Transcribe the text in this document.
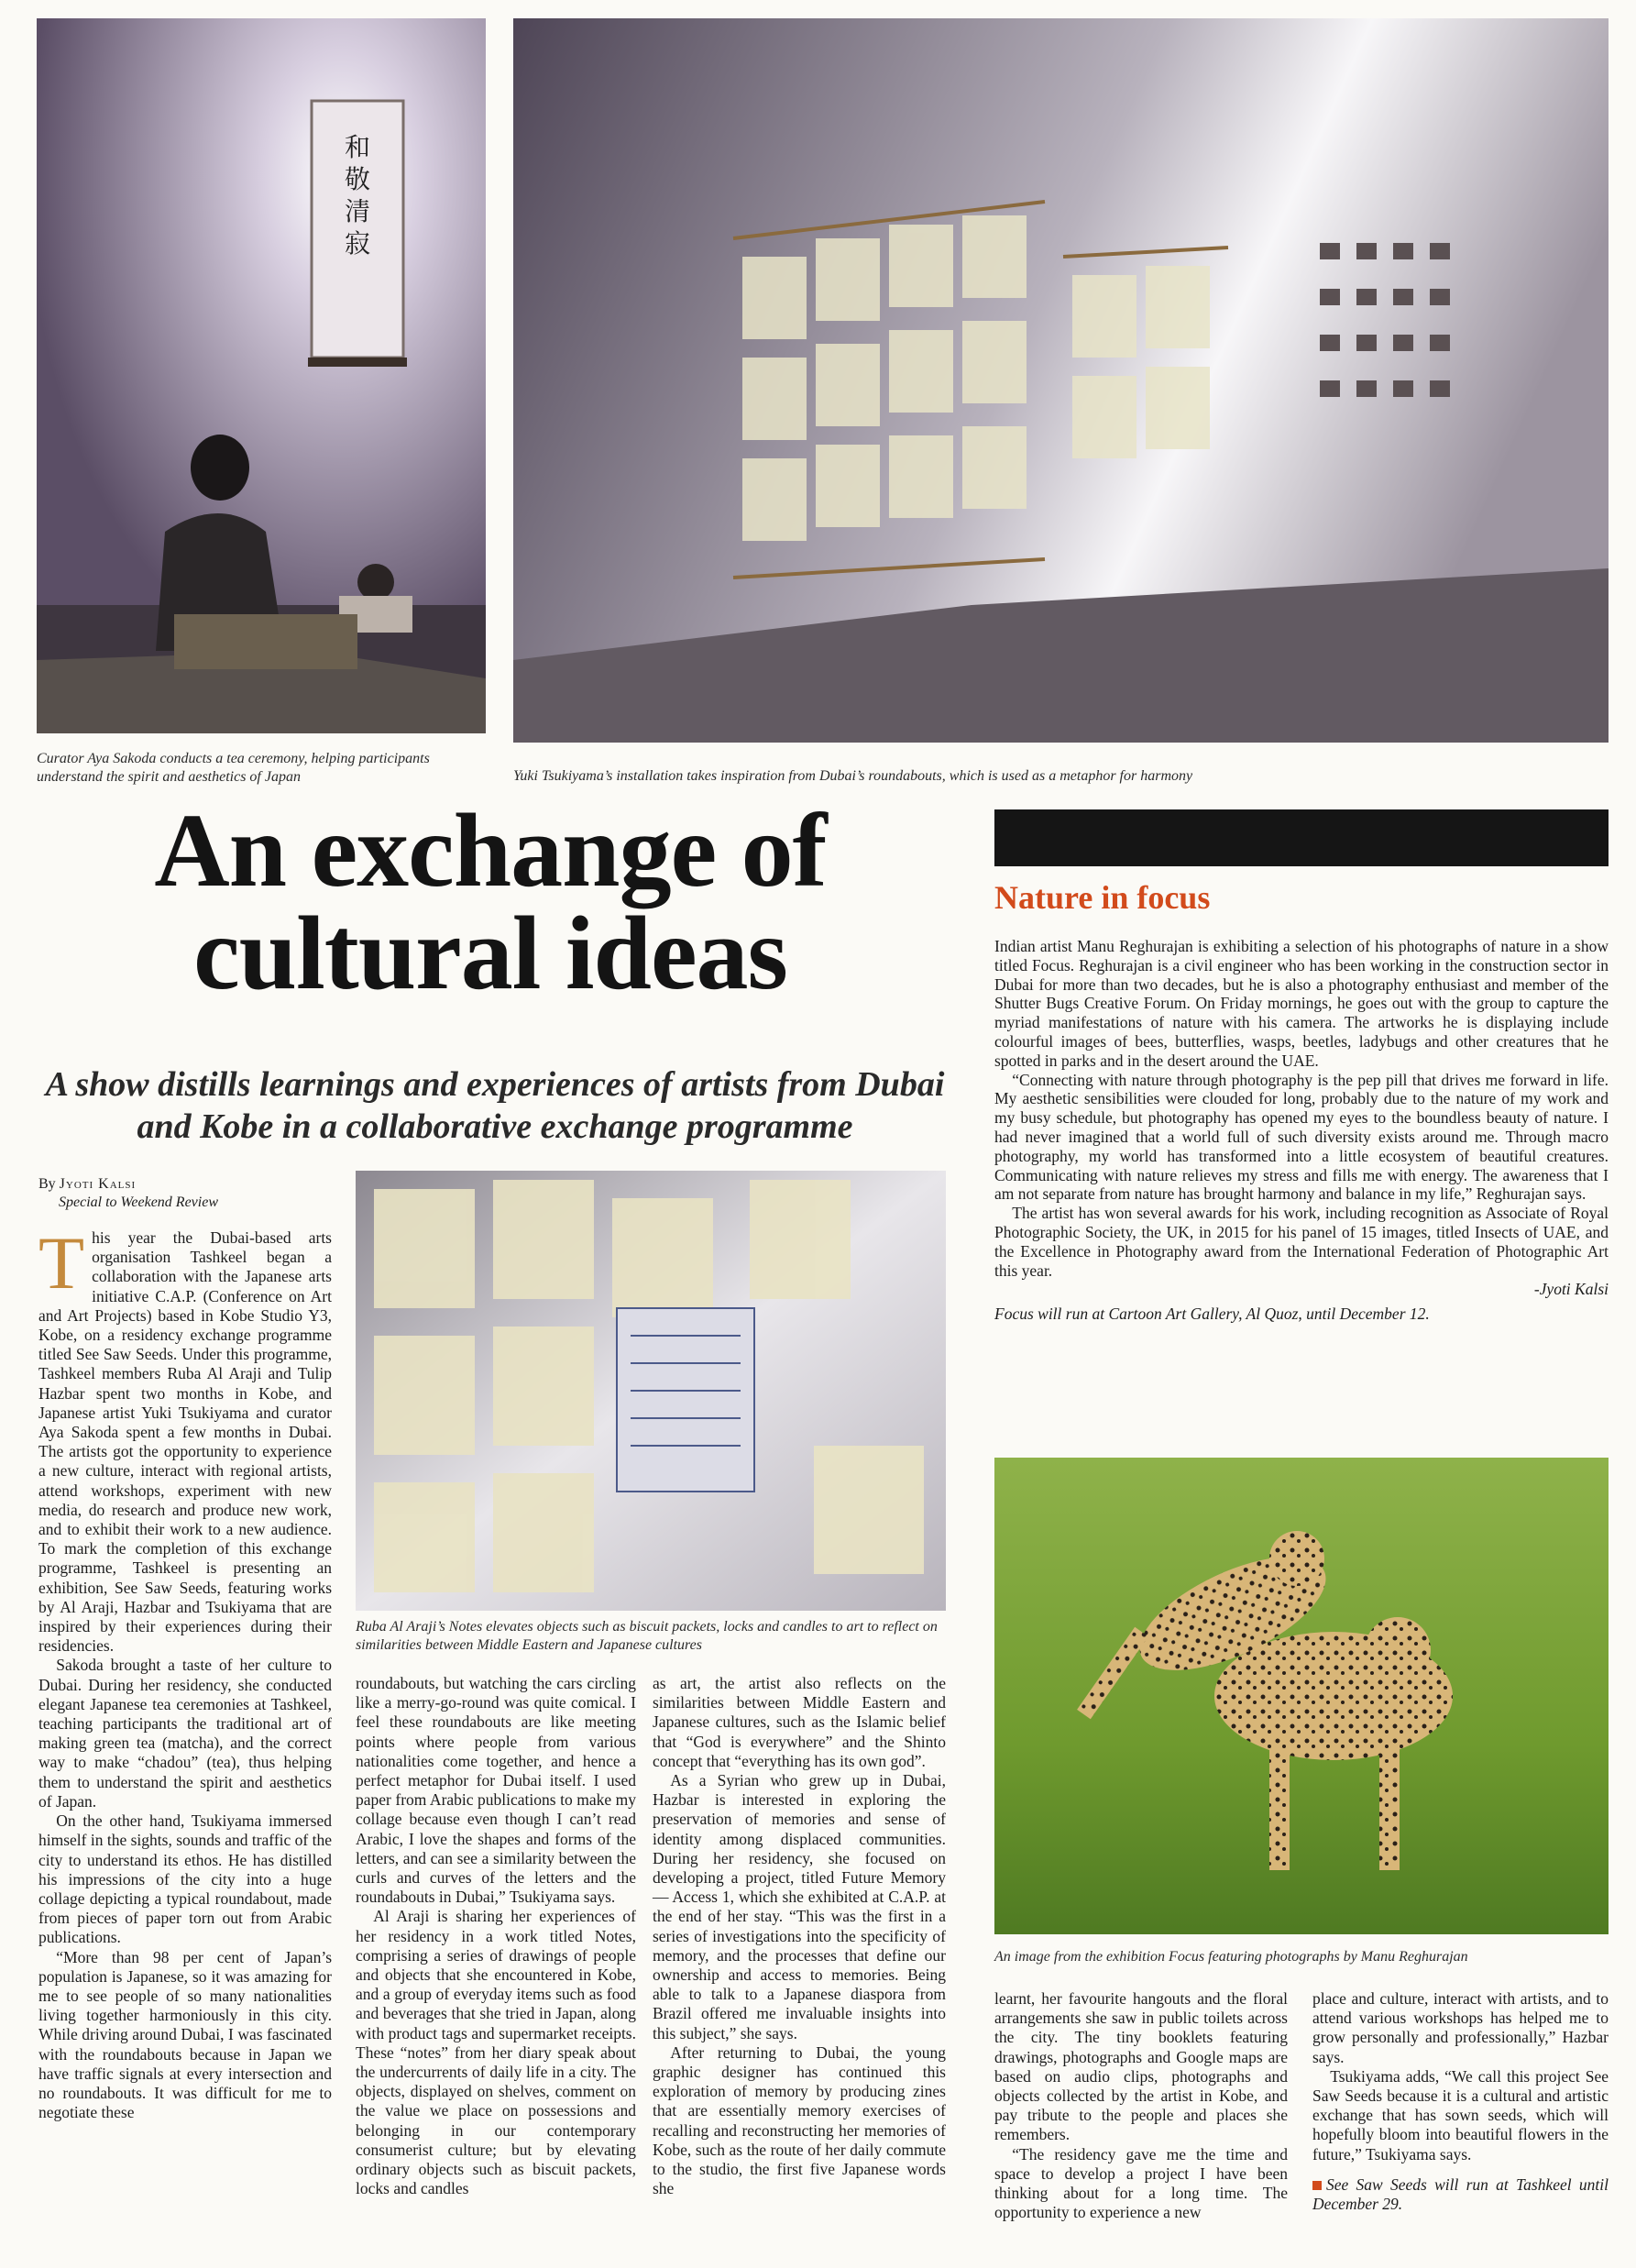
和
敬
清
寂
Curator Aya Sakoda conducts a tea ceremony, helping participants understand the spirit and aesthetics of Japan	Yuki Tsukiyama’s installation takes inspiration from Dubai’s roundabouts, which is used as a metaphor for harmony
An exchange of
cultural ideas
A show distills learnings and experiences of artists from Dubai and Kobe in a collaborative exchange programme
By Jyoti Kalsi
Special to Weekend Review

This year the Dubai-based arts organisation Tashkeel began a collaboration with the Japanese arts initiative C.A.P. (Conference on Art and Art Projects) based in Kobe Studio Y3, Kobe, on a residency exchange programme titled See Saw Seeds. Under this programme, Tashkeel members Ruba Al Araji and Tulip Hazbar spent two months in Kobe, and Japanese artist Yuki Tsukiyama and curator Aya Sakoda spent a few months in Dubai. The artists got the opportunity to experience a new culture, interact with regional artists, attend workshops, experiment with new media, do research and produce new work, and to exhibit their work to a new audience. To mark the completion of this exchange programme, Tashkeel is presenting an exhibition, See Saw Seeds, featuring works by Al Araji, Hazbar and Tsukiyama that are inspired by their experiences during their residencies.

Sakoda brought a taste of her culture to Dubai. During her residency, she conducted elegant Japanese tea ceremonies at Tashkeel, teaching participants the traditional art of making green tea (matcha), and the correct way to make “chadou” (tea), thus helping them to understand the spirit and aesthetics of Japan.

On the other hand, Tsukiyama immersed himself in the sights, sounds and traffic of the city to understand its ethos. He has distilled his impressions of the city into a huge collage depicting a typical roundabout, made from pieces of paper torn out from Arabic publications.

“More than 98 per cent of Japan’s population is Japanese, so it was amazing for me to see people of so many nationalities living together harmoniously in this city. While driving around Dubai, I was fascinated with the roundabouts because in Japan we have traffic signals at every intersection and no roundabouts. It was difficult for me to negotiate these

Ruba Al Araji’s Notes elevates objects such as biscuit packets, locks and candles to art to reflect on similarities between Middle Eastern and Japanese cultures

roundabouts, but watching the cars circling like a merry-go-round was quite comical. I feel these roundabouts are like meeting points where people from various nationalities come together, and hence a perfect metaphor for Dubai itself. I used paper from Arabic publications to make my collage because even though I can’t read Arabic, I love the shapes and forms of the letters, and can see a similarity between the curls and curves of the letters and the roundabouts in Dubai,” Tsukiyama says.

Al Araji is sharing her experiences of her residency in a work titled Notes, comprising a series of drawings of people and objects that she encountered in Kobe, and a group of everyday items such as food and beverages that she tried in Japan, along with product tags and supermarket receipts. These “notes” from her diary speak about the undercurrents of daily life in a city. The objects, displayed on shelves, comment on the value we place on possessions and belonging in our contemporary consumerist culture; but by elevating ordinary objects such as biscuit packets, locks and candles

as art, the artist also reflects on the similarities between Middle Eastern and Japanese cultures, such as the Islamic belief that “God is everywhere” and the Shinto concept that “everything has its own god”.

As a Syrian who grew up in Dubai, Hazbar is interested in exploring the preservation of memories and sense of identity among displaced communities. During her residency, she focused on developing a project, titled Future Memory — Access 1, which she exhibited at C.A.P. at the end of her stay. “This was the first in a series of investigations into the specificity of memory, and the processes that define our ownership and access to memories. Being able to talk to a Japanese diaspora from Brazil offered me invaluable insights into this subject,” she says.

After returning to Dubai, the young graphic designer has continued this exploration of memory by producing zines that are essentially memory exercises of recalling and reconstructing her memories of Kobe, such as the route of her daily commute to the studio, the first five Japanese words she

Nature in focus

Indian artist Manu Reghurajan is exhibiting a selection of his photographs of nature in a show titled Focus. Reghurajan is a civil engineer who has been working in the construction sector in Dubai for more than two decades, but he is also a photography enthusiast and member of the Shutter Bugs Creative Forum. On Friday mornings, he goes out with the group to capture the myriad manifestations of nature with his camera. The artworks he is displaying include colourful images of bees, butterflies, wasps, beetles, ladybugs and other creatures that he spotted in parks and in the desert around the UAE.

“Connecting with nature through photography is the pep pill that drives me forward in life. My aesthetic sensibilities were clouded for long, probably due to the nature of my work and my busy schedule, but photography has opened my eyes to the boundless beauty of nature. I had never imagined that a world full of such diversity exists around me. Through macro photography, my world has transformed into a little ecosystem of beautiful creatures. Communicating with nature relieves my stress and fills me with energy. The awareness that I am not separate from nature has brought harmony and balance in my life,” Reghurajan says.

The artist has won several awards for his work, including recognition as Associate of Royal Photographic Society, the UK, in 2015 for his panel of 15 images, titled Insects of UAE, and the Excellence in Photography award from the International Federation of Photographic Art this year.

-Jyoti Kalsi

Focus will run at Cartoon Art Gallery, Al Quoz, until December 12.

An image from the exhibition Focus featuring photographs by Manu Reghurajan

learnt, her favourite hangouts and the floral arrangements she saw in public toilets across the city. The tiny booklets featuring drawings, photographs and Google maps are based on audio clips, photographs and objects collected by the artist in Kobe, and pay tribute to the people and places she remembers.

“The residency gave me the time and space to develop a project I have been thinking about for a long time. The opportunity to experience a new

place and culture, interact with artists, and to attend various workshops has helped me to grow personally and professionally,” Hazbar says.

Tsukiyama adds, “We call this project See Saw Seeds because it is a cultural and artistic exchange that has sown seeds, which will hopefully bloom into beautiful flowers in the future,” Tsukiyama says.

See Saw Seeds will run at Tashkeel until December 29.
